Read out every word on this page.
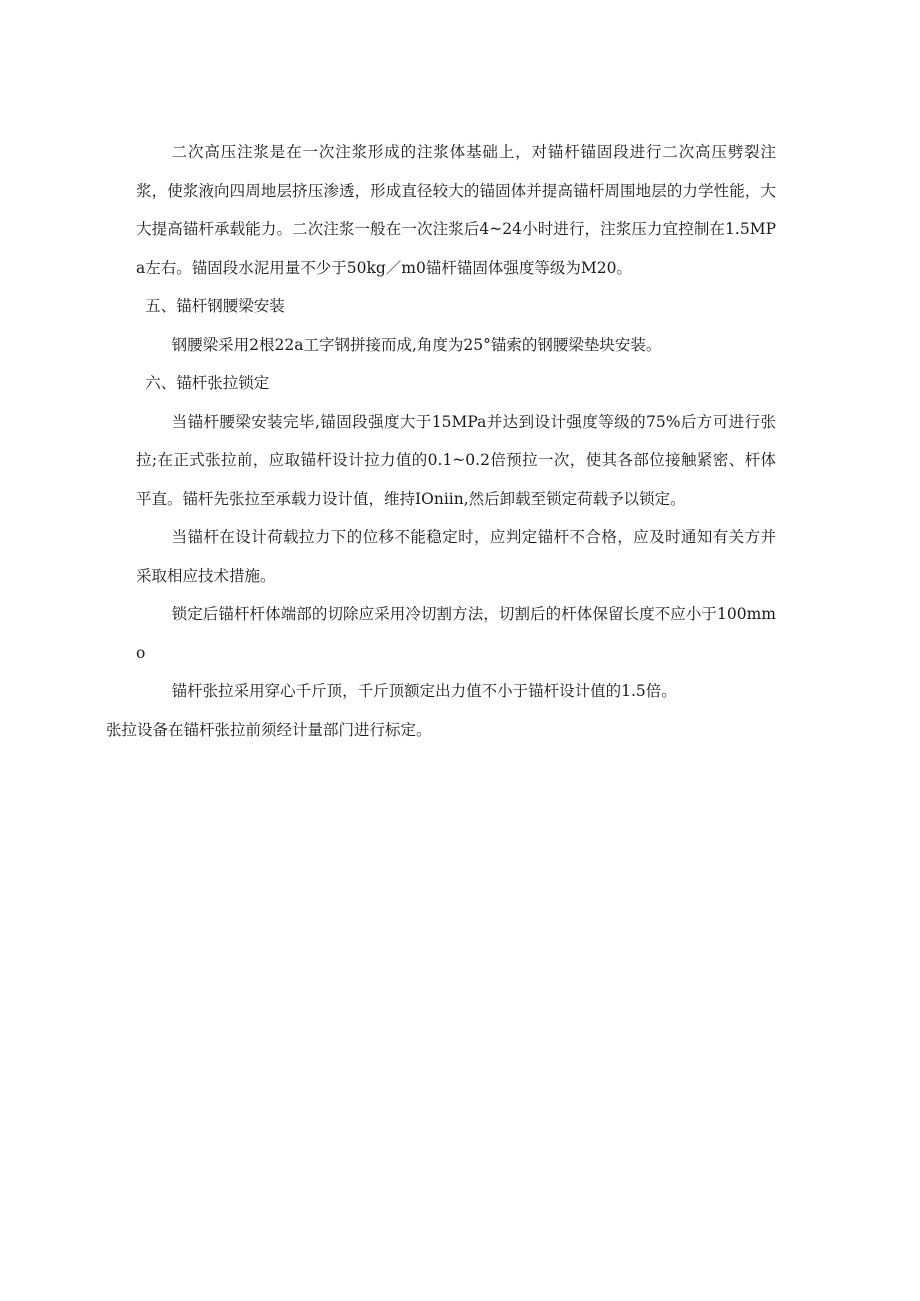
二次高压注浆是在一次注浆形成的注浆体基础上，对锚杆锚固段进行二次高压劈裂注浆，使浆液向四周地层挤压渗透，形成直径较大的锚固体并提高锚杆周围地层的力学性能，大大提高锚杆承载能力。二次注浆一般在一次注浆后4~24小时进行，注浆压力宜控制在1.5MPa左右。锚固段水泥用量不少于50kg／m0锚杆锚固体强度等级为M20。

五、锚杆钢腰梁安装

钢腰梁采用2根22a工字钢拼接而成,角度为25°锚索的钢腰梁垫块安装。

六、锚杆张拉锁定

当锚杆腰梁安装完毕,锚固段强度大于15MPa并达到设计强度等级的75%后方可进行张拉;在正式张拉前，应取锚杆设计拉力值的0.1~0.2倍预拉一次，使其各部位接触紧密、杆体平直。锚杆先张拉至承载力设计值，维持IOniin,然后卸载至锁定荷载予以锁定。

当锚杆在设计荷载拉力下的位移不能稳定时，应判定锚杆不合格，应及时通知有关方并采取相应技术措施。

锁定后锚杆杆体端部的切除应采用冷切割方法，切割后的杆体保留长度不应小于100mmo

锚杆张拉采用穿心千斤顶，千斤顶额定出力值不小于锚杆设计值的1.5倍。

张拉设备在锚杆张拉前须经计量部门进行标定。
